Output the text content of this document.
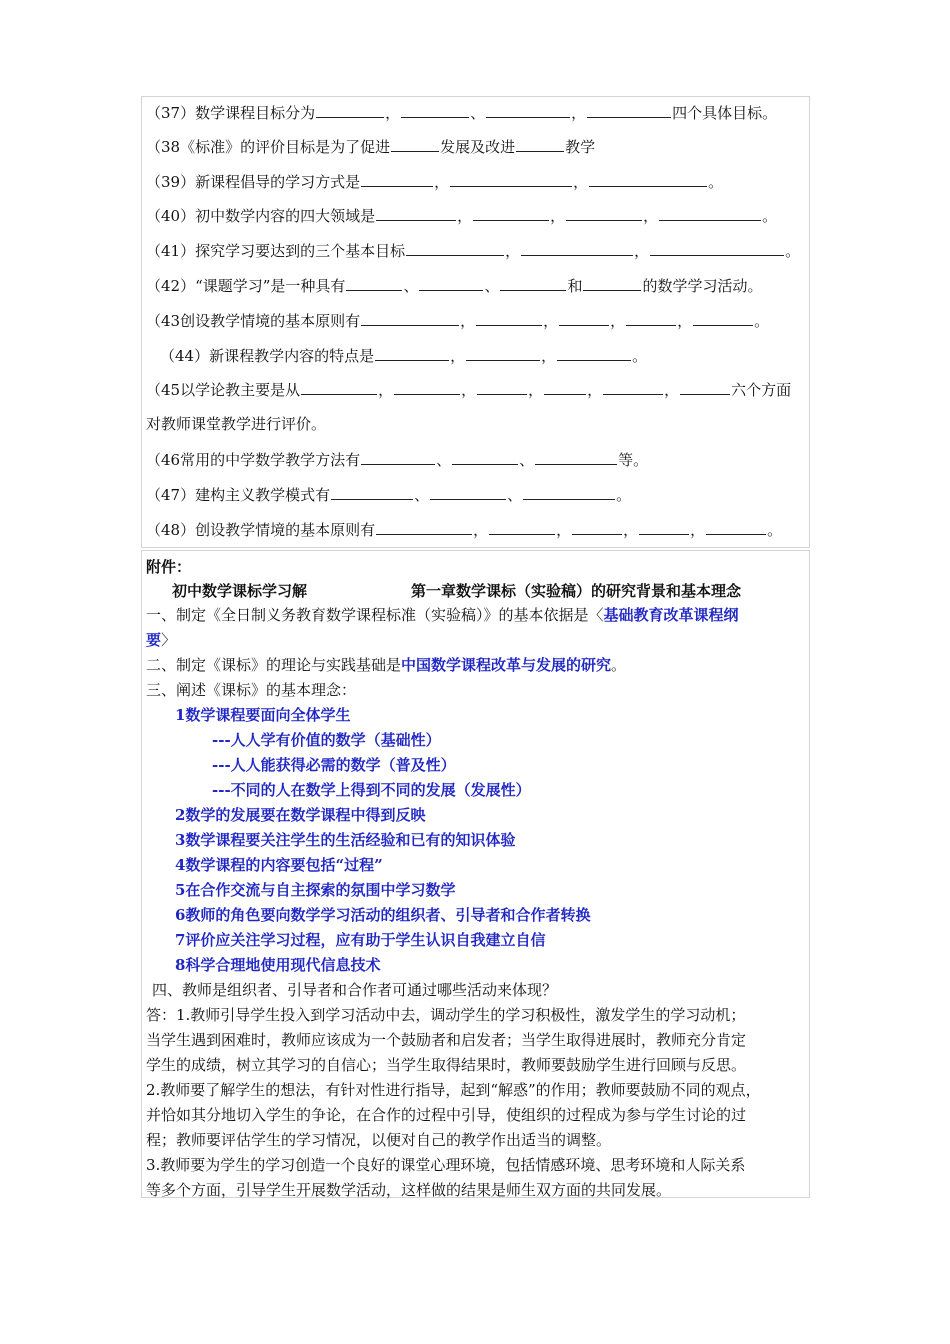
（37）数学课程目标分为	，	、	，	四个具体目标。
（38《标准》的评价目标是为了促进	发展及改进	教学
（39）新课程倡导的学习方式是	，	，	。
（40）初中数学内容的四大领域是	，	，	，	。
（41）探究学习要达到的三个基本目标	，	，	。
（42）“课题学习”是一种具有	、	、	和	的数学学习活动。
（43创设教学情境的基本原则有	，	，	，	，	。
（44）新课程教学内容的特点是	，	，	。
（45以学论教主要是从	，	，	，	，	，	六个方面
对教师课堂教学进行评价。
（46常用的中学数学教学方法有	、	、	等。
（47）建构主义教学模式有	、	、	。
（48）创设教学情境的基本原则有	，	，	，	，	。
附件：
初中数学课标学习解	第一章数学课标（实验稿）的研究背景和基本理念
一、制定《全日制义务教育数学课程标准（实验稿）》的基本依据是〈基础教育改革课程纲
要〉
二、制定《课标》的理论与实践基础是中国数学课程改革与发展的研究。
三、阐述《课标》的基本理念：
1数学课程要面向全体学生
---人人学有价值的数学（基础性）
---人人能获得必需的数学（普及性）
---不同的人在数学上得到不同的发展（发展性）
2数学的发展要在数学课程中得到反映
3数学课程要关注学生的生活经验和已有的知识体验
4数学课程的内容要包括“过程”
5在合作交流与自主探索的氛围中学习数学
6教师的角色要向数学学习活动的组织者、引导者和合作者转换
7评价应关注学习过程，应有助于学生认识自我建立自信
8科学合理地使用现代信息技术
四、教师是组织者、引导者和合作者可通过哪些活动来体现？
答：1.教师引导学生投入到学习活动中去，调动学生的学习积极性，激发学生的学习动机；
当学生遇到困难时，教师应该成为一个鼓励者和启发者；当学生取得进展时，教师充分肯定
学生的成绩，树立其学习的自信心；当学生取得结果时，教师要鼓励学生进行回顾与反思。
2.教师要了解学生的想法，有针对性进行指导，起到“解惑”的作用；教师要鼓励不同的观点，
并恰如其分地切入学生的争论，在合作的过程中引导，使组织的过程成为参与学生讨论的过
程；教师要评估学生的学习情况，以便对自己的教学作出适当的调整。
3.教师要为学生的学习创造一个良好的课堂心理环境，包括情感环境、思考环境和人际关系
等多个方面，引导学生开展数学活动，这样做的结果是师生双方面的共同发展。
